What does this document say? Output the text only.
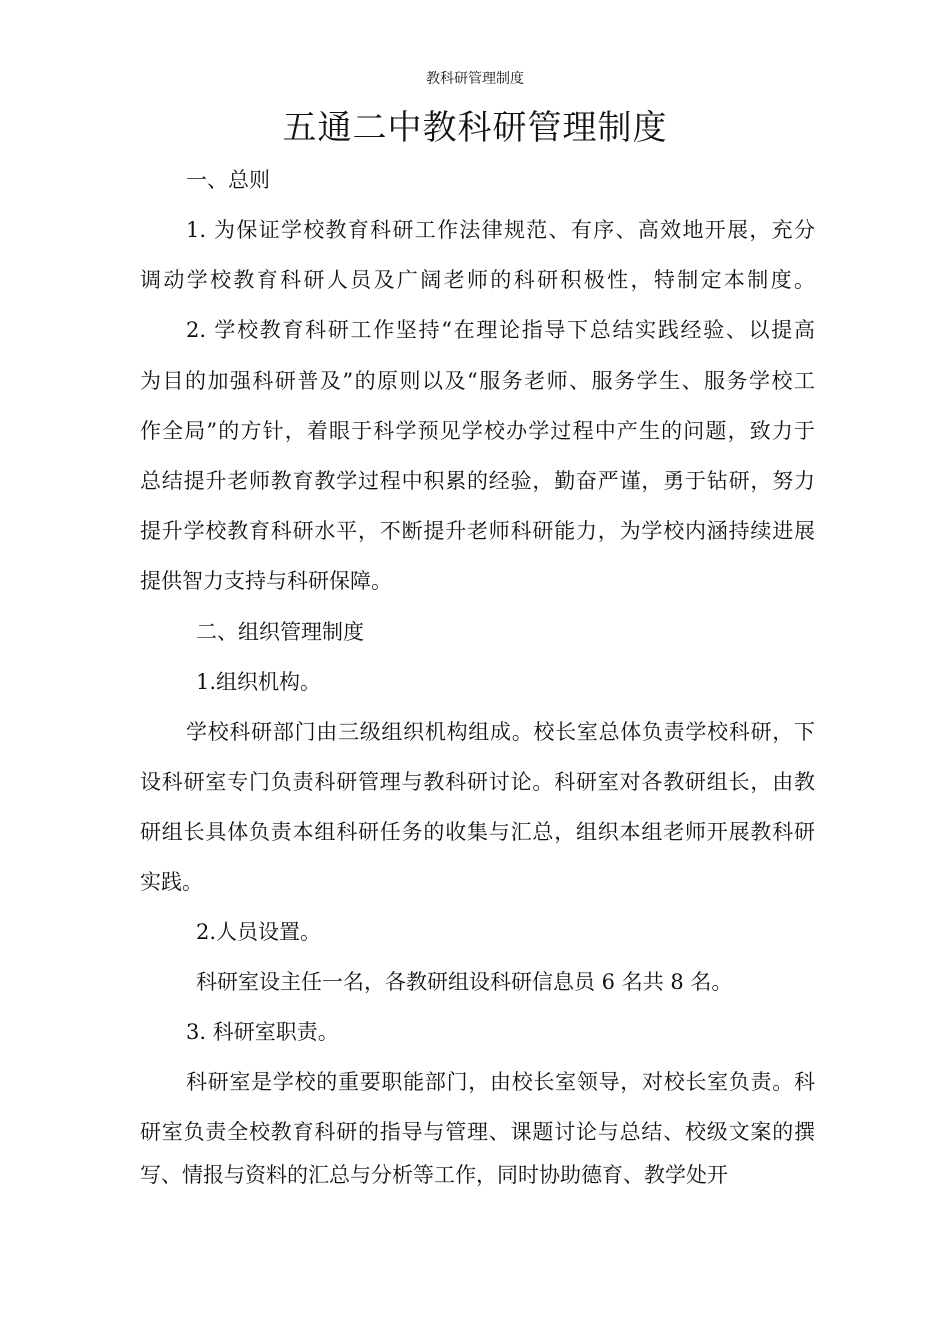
教科研管理制度
五通二中教科研管理制度
一、总则
1. 为保证学校教育科研工作法律规范、有序、高效地开展，充分
调动学校教育科研人员及广阔老师的科研积极性，特制定本制度。
2. 学校教育科研工作坚持“在理论指导下总结实践经验、以提高
为目的加强科研普及”的原则以及“服务老师、服务学生、服务学校工
作全局”的方针，着眼于科学预见学校办学过程中产生的问题，致力于
总结提升老师教育教学过程中积累的经验，勤奋严谨，勇于钻研，努力
提升学校教育科研水平，不断提升老师科研能力，为学校内涵持续进展
提供智力支持与科研保障。
二、组织管理制度
1.组织机构。
学校科研部门由三级组织机构组成。校长室总体负责学校科研，下
设科研室专门负责科研管理与教科研讨论。科研室对各教研组长，由教
研组长具体负责本组科研任务的收集与汇总，组织本组老师开展教科研
实践。
2.人员设置。
科研室设主任一名，各教研组设科研信息员 6 名共 8 名。
3. 科研室职责。
科研室是学校的重要职能部门，由校长室领导，对校长室负责。科
研室负责全校教育科研的指导与管理、课题讨论与总结、校级文案的撰
写、情报与资料的汇总与分析等工作，同时协助德育、教学处开
